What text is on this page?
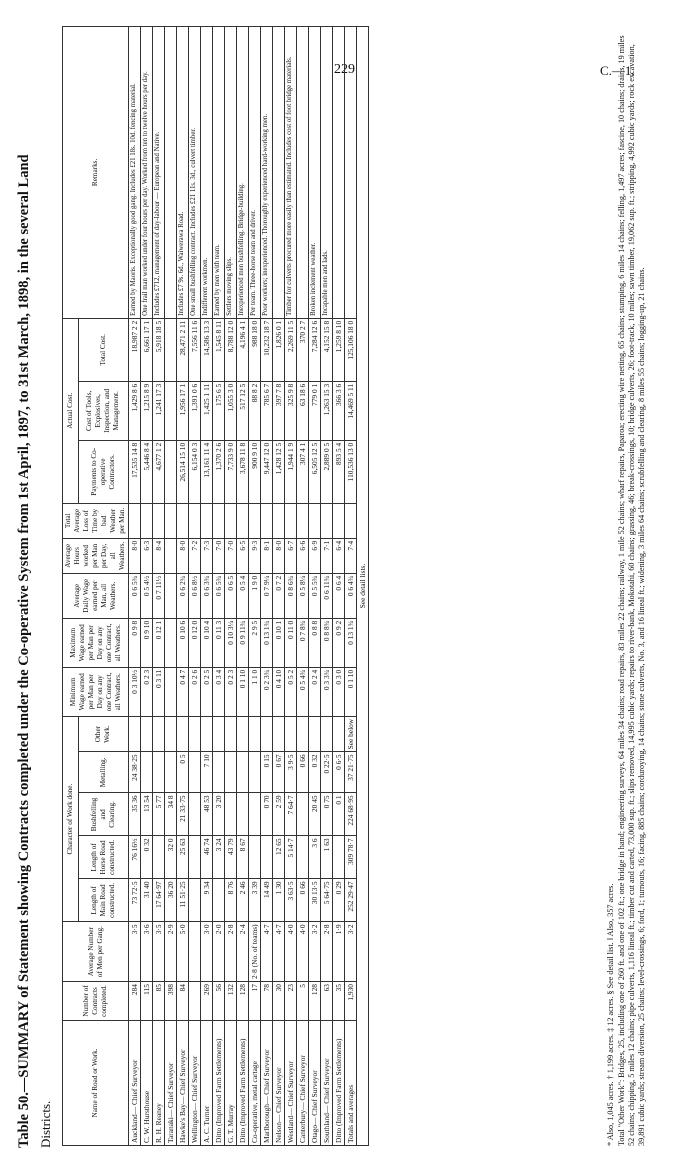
229	C.—1.
Table 50.—SUMMARY of Statement showing Contracts completed under the Co-operative System from 1st April, 1897, to 31st March, 1898, in the several Land Districts.
Name of Road or Work.	Number of Contracts completed.	Average Number of Men per Gang.	Character of Work done.					Minimum Wage earned per Man per Day on any one Contract, all Weathers.	Maximum Wage earned per Man per Day on any one Contract, all Weathers.	Average Daily Wage earned per Man, all Weathers.	Average Hours worked per Man per Day, all Weathers.	Total Average Loss of Time by bad Weather per Man.	Actual Cost.			Remarks.
			Length of Main Road constructed.	Length of Horse Road constructed.	Bushfelling and Clearing.	Metalling.	Other Work.						Payments to Co-operative Contractors.	Cost of Tools, Explosives, Inspection, and Management.	Total Cost.	
Auckland— Chief Surveyor	284	3·5	73 72·5	76 16½	35 36	24 38·25		0 3 10½	0 9 8	0 6 5¾	8·0		17,535 14 8	1,429 8 6	18,987 2 2	Earned by Maoris. Exceptionally good gang. Includes £21 18s. 10d. fencing material.
C. W. Hursthouse	115	3·6	31 40	0 32	13 54			0 2 3	0 9 10	0 5 4½	6·3		5,446 8 4	1,215 8 9	6,661 17 1	One frail man worked under four hours per day. Worked from ten to twelve hours per day.
R. H. Reaney	85	3·5	17 64·97		5 77			0 3 11	0 12 1	0 7 11½	8·4		4,677 1 2	1,241 17 3	5,918 18 5	Includes £712, management of day-labour — European and Native.
Taranaki— Chief Surveyor	398	2·9	36 20	32 0	34 8											
Hawke's Bay— Chief Surveyor	84	5·0	11 51·25	25 63	21 33·75	0 5		0 4 7	0 10 6	0 6 2¾	8·0		26,514 15 10	1,956 17 1	28,471 2 11	Includes £7 9s. 6d., Waiwerawa Road.
Wellington— Chief Surveyor								0 2 6	0 12 0	0 6 8½	7·2		6,154 0 3	1,391 0 6	7,556 11 6	One small bushfelling contract. Includes £21 11s. 3d., culvert timber.
A. C. Turner	269	3·0	9 34	46 74	48 53	7 10		0 2 5	0 10 4	0 6 3¾	7·3		13,161 11 4	1,425 1 11	14,586 13 3	Indifferent workmen.
Ditto (Improved Farm Settlements)	56	2·0		3 24	3 20			0 3 4	0 11 3	0 6 5¾	7·0		1,370 2 6	175 6 5	1,545 8 11	Earned by men with team.
G. T. Murray	132	2·8	8 76	43 79				0 2 3	0 10 3¼	0 6 5	7·0		7,733 9 0	1,055 3 0	8,788 12 0	Settlers moving slips.
Ditto (Improved Farm Settlements)	128	2·4	2 46	8 67				0 1 10	0 9 11¾	0 5 4	6·5		3,678 11 8	517 12 5	4,196 4 1	Inexperienced men bushfelling. Bridge-building.
Co-operative, metal cartage	17	2·8 (No. of teams)	3 39					1 1 0	2 9 5	1 9 0	9·3		900 9 10	88 8 2	988 18 0	Per team. Three-horse team and driver.
Marlborough— Chief Surveyor	78	4·7	14 49		0 70	0 15		0 2 3¾	0 13 1¾	0 7 9¼	8·1		9,447 12 0	785 6 7	10,232 18 7	Poor workers; inexperienced. Thoroughly experienced hard-working men.
Nelson— Chief Surveyor	30	4·7	1 30	12 65	2 59	0 67		0 4 10	0 10 1	0 7 2	8·0		1,428 12 5	397 7 8	1,826 0 1	
Westland— Chief Surveyor	23	4·0	3 63·5	5 14·7	7 64·7	3 9·5		0 5 2	0 11 0	0 8 6¾	6·7		1,944 1 9	325 9 8	2,269 11 5	Timber for culverts procured more easily than estimated. Includes cost of foot bridge materials.
Canterbury— Chief Surveyor	5	4·0	0 66			0 66		0 5 4¾	0 7 8¾	0 5 8¼	6·6		307 4 1	63 18 6	370 2 7	
Otago— Chief Surveyor	128	3·2	30 13·5	3 6	20 45	0 32		0 2 4	0 8 8	0 5 5¾	6·9		6,505 12 5	779 0 1	7,284 12 6	Broken inclement weather.
Southland— Chief Surveyor	63	2·8	5 64·75	1 63	0 75	0 22·5		0 3 3¾	0 8 8¾	0 6 11¾	7·1		2,889 0 5	1,263 15 3	4,152 15 8	Incapable men and lads.
Ditto (Improved Farm Settlements)	35	1·9	0 29		0 1	0 6·5		0 3 0	0 9 2	0 6 4	6·4		893 5 4	366 3 6	1,259 8 10	
Totals and averages	1,930	3·2	252 29·47	309 78·7	224 68·95	37 21·75	See below	0 1 10	0 13 1¾	0 6 4¾	7·4		110,536 13 0	14,469 5 11	125,106 18 0	
See detail lists.																

* Also, 1,045 acres. † 1,199 acres. ‡ 12 acres. § See detail list. ‖ Also, 357 acres. Total "Other Work": Bridges, 25, including one of 260 ft. and one of 102 ft.; one bridge in hand; engineering surveys, 64 miles 34 chains; road repairs, 83 miles 22 chains; railway, 1 mile 52 chains; wharf repairs, Paparoa; erecting wire netting, 65 chains; stumping, 6 miles 14 chains; felling, 1,497 acres; fascine, 10 chains; drains, 19 miles 52 chains; chipping, 5 miles 12 chains; pipe culverts, 1,116 lineal ft.; timber cut and carted, 73,000 sup. ft.; slips removed, 14,995 cubic yards; repairs to river-bank, Mokotahi, 60 chains; grassing, 46; break-crossings, 10; bridge culverts, 26; foot-track, 10 miles; sawn timber, 19,062 sup. ft.; stripping, 4,992 cubic yards; rock excavation, 39,891 cubic yards; stream diversion, 25 chains; level-crossings, 6; ford, 1; turnouts, 16; facing, 885 chains; corduroying, 14 chains; stone culverts, No. 3, and 16 lineal ft.; widening, 3 miles 64 chains; scrubfelling and clearing, 8 miles 55 chains; logging-up, 21 chains.
